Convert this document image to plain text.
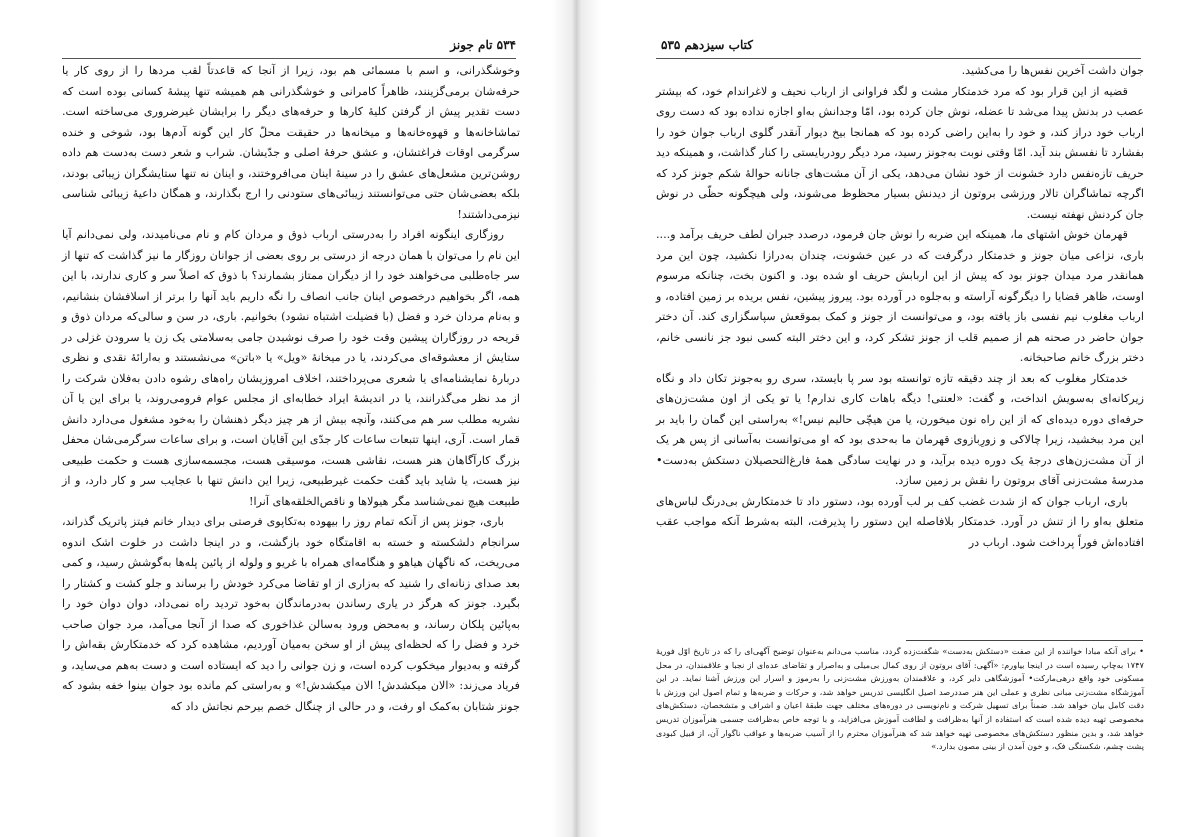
۵۳۴ تام جونز

وخوشگذرانی، و اسم با مسمائی هم بود، زیرا از آنجا که قاعدتاً لقب مردها را از روی کار یا حرفه‌شان برمی‌گزینند، ظاهراً کامرانی و خوشگذرانی هم همیشه تنها پیشهٔ کسانی بوده است که دست تقدیر پیش از گرفتن کلیهٔ کارها و حرفه‌های دیگر را برایشان غیرضروری می‌ساخته است. تماشاخانه‌ها و قهوه‌خانه‌ها و میخانه‌ها در حقیقت محلّ کار این گونه آدم‌ها بود، شوخی و خنده سرگرمی اوقات فراغتشان، و عشق حرفهٔ اصلی و جدّیشان. شراب و شعر دست به‌دست هم داده روشن‌ترین مشعل‌های عشق را در سینهٔ اینان می‌افروختند، و اینان نه تنها ستایشگران زیبائی بودند، بلکه بعضی‌شان حتی می‌توانستند زیبائی‌های ستودنی را ارج بگذارند، و همگان داعیهٔ زیبائی شناسی نیزمی‌داشتند!

روزگاری اینگونه افراد را به‌درستی ارباب ذوق و مردان کام و نام می‌نامیدند، ولی نمی‌دانم آیا این نام را می‌توان با همان درجه از درستی بر روی بعضی از جوانان روزگار ما نیز گذاشت که تنها از سر جاه‌طلبی می‌خواهند خود را از دیگران ممتاز بشمارند؟ با ذوق که اصلاً سر و کاری ندارند، با این همه، اگر بخواهیم درخصوص اینان جانب انصاف را نگه داریم باید آنها را برتر از اسلافشان بنشانیم، و به‌نام مردان خرد و فضل (با فضیلت اشتباه نشود) بخوانیم. باری، در سن و سالی‌که مردان ذوق و قریحه در روزگاران پیشین وقت خود را صرف نوشیدن جامی به‌سلامتی یک زن یا سرودن غزلی در ستایش از معشوقه‌ای می‌کردند، یا در میخانهٔ «ویل» یا «باتن» می‌نشستند و به‌ارائهٔ نقدی و نظری دربارهٔ نمایشنامه‌ای یا شعری می‌پرداختند، اخلاف امروزیشان راه‌های رشوه دادن به‌فلان شرکت را از مد نظر می‌گذرانند، یا در اندیشهٔ ایراد خطابه‌ای از مجلس عوام فرومی‌روند، یا برای این یا آن نشریه مطلب سر هم می‌کنند، وآنچه بیش از هر چیز دیگر ذهنشان را به‌خود مشغول می‌دارد دانش قمار است. آری، اینها تتبعات ساعات کار جدّی این آقایان است، و برای ساعات سرگرمی‌شان محفل بزرگ کارآگاهان هنر هست، نقاشی هست، موسیقی هست، مجسمه‌سازی هست و حکمت طبیعی نیز هست، یا شاید باید گفت حکمت غیرطبیعی، زیرا این دانش تنها با عجایب سر و کار دارد، و از طبیعت هیچ نمی‌شناسد مگر هیولاها و ناقص‌الخلقه‌های آنرا!

باری، جونز پس از آنکه تمام روز را بیهوده به‌تکاپوی فرصتی برای دیدار خانم فیتز پاتریک گذراند، سرانجام دلشکسته و خسته به اقامتگاه خود بازگشت، و در اینجا داشت در خلوت اشک اندوه می‌ریخت، که ناگهان هیاهو و هنگامه‌ای همراه با غریو و ولوله از پائین پله‌ها به‌گوشش رسید، و کمی بعد صدای زنانه‌ای را شنید که به‌زاری از او تقاضا می‌کرد خودش را برساند و جلو کشت و کشتار را بگیرد. جونز که هرگز در یاری رساندن به‌درماندگان به‌خود تردید راه نمی‌داد، دوان دوان خود را به‌پائین پلکان رساند، و به‌محض ورود به‌سالن غذاخوری که صدا از آنجا می‌آمد، مرد جوان صاحب خرد و فضل را که لحظه‌ای پیش از او سخن به‌میان آوردیم، مشاهده کرد که خدمتکارش بقه‌اش را گرفته و به‌دیوار میخکوب کرده است، و زن جوانی را دید که ایستاده است و دست به‌هم می‌ساید، و فریاد می‌زند: «الان میکشدش! الان میکشدش!» و به‌راستی کم مانده بود جوان بینوا خفه بشود که جونز شتابان به‌کمک او رفت، و در حالی از چنگال خصم بیرحم نجاتش داد که

کتاب سیزدهم ۵۳۵

جوان داشت آخرین نفس‌ها را می‌کشید.

قضیه از این قرار بود که مرد خدمتکار مشت و لگد فراوانی از ارباب نحیف و لاغراندام خود، که بیشتر عصب در بدنش پیدا می‌شد تا عضله، نوش جان کرده بود، امّا وجدانش به‌او اجازه نداده بود که دست روی ارباب خود دراز کند، و خود را به‌این راضی کرده بود که همانجا بیخ دیوار آنقدر گلوی ارباب جوان خود را بفشارد تا نفسش بند آید. امّا وقتی نوبت به‌جونز رسید، مرد دیگر رودربایستی را کنار گذاشت، و همینکه دید حریف تازه‌نفس دارد خشونت از خود نشان می‌دهد، یکی از آن مشت‌های جانانه حوالهٔ شکم جونز کرد که اگرچه تماشاگران تالار ورزشی بروتون از دیدنش بسیار محظوظ می‌شوند، ولی هیچگونه حظّی در نوش جان کردنش نهفته نیست.

قهرمان خوش اشتهای ما، همینکه این ضربه را نوش جان فرمود، درصدد جبران لطف حریف برآمد و.... باری، نزاعی میان جونز و خدمتکار درگرفت که در عین خشونت، چندان به‌درازا نکشید، چون این مرد همانقدر مرد میدان جونز بود که پیش از این اربابش حریف او شده بود. و اکنون بخت، چنانکه مرسوم اوست، ظاهر قضایا را دیگرگونه آراسته و به‌جلوه در آورده بود. پیروز پیشین، نفس بریده بر زمین افتاده، و ارباب مغلوب نیم نفسی باز یافته بود، و می‌توانست از جونز و کمک بموقعش سپاسگزاری کند. آن دختر جوان حاضر در صحنه هم از صمیم قلب از جونز تشکر کرد، و این دختر البته کسی نبود جز نانسی خانم، دختر بزرگ خانم صاحبخانه.

خدمتکار مغلوب که بعد از چند دقیقه تازه توانسته بود سر پا بایستد، سری رو به‌جونز تکان داد و نگاه زیرکانه‌ای به‌سویش انداخت، و گفت: «لعنتی! دیگه باهات کاری ندارم! یا تو یکی از اون مشت‌زن‌های حرفه‌ای دوره دیده‌ای که از این راه نون میخورن، یا من هیچّی حالیم نیس!» به‌راستی این گمان را باید بر این مرد ببخشید، زیرا چالاکی و زورِبازوی قهرمان ما به‌حدی بود که او می‌توانست به‌آسانی از پس هر یک از آن مشت‌زن‌های درجهٔ یک دوره دیده برآید، و در نهایت سادگی همهٔ فارغ‌التحصیلان دستکش به‌دست• مدرسهٔ مشت‌زنی آقای بروتون را نقش بر زمین سازد.

باری، ارباب جوان که از شدت غضب کف بر لب آورده بود، دستور داد تا خدمتکارش بی‌درنگ لباس‌های متعلق به‌او را از تنش در آورد. خدمتکار بلافاصله این دستور را پذیرفت، البته به‌شرط آنکه مواجب عقب افتاده‌اش فوراً پرداخت شود. ارباب در

• برای آنکه مبادا خواننده از این صفت «دستکش به‌دست» شگفت‌زده گردد، مناسب می‌دانم به‌عنوان توضیح آگهی‌ای را که در تاریخ اوّل فوریهٔ ۱۷۴۷ به‌چاپ رسیده است در اینجا بیاورم: «آگهی: آقای بروتون از روی کمال بی‌میلی و به‌اصرار و تقاضای عده‌ای از نجبا و علاقمندان، در محل مسکونی خود واقع درهی‌مارکت• آموزشگاهی دایر کرد، و علاقمندان به‌ورزش مشت‌زنی را به‌رموز و اسرار این ورزش آشنا نماید. در این آموزشگاه مشت‌زنی مبانی نظری و عملی این هنر صددرصد اصیل انگلیسی تدریس خواهد شد، و حرکات و ضربه‌ها و تمام اصول این ورزش با دقت کامل بیان خواهد شد. ضمناً برای تسهیل شرکت و نام‌نویسی در دوره‌های مختلف جهت طبقهٔ اعیان و اشراف و متشخصان، دستکش‌های مخصوصی تهیه دیده شده است که استفاده از آنها به‌ظرافت و لطافت آموزش می‌افزاید، و با توجه خاص به‌ظرافت جسمی هنرآموزان تدریس خواهد شد، و بدین منظور دستکش‌های مخصوصی تهیه خواهد شد که هنرآموزان محترم را از آسیب ضربه‌ها و عواقب ناگوار آن، از قبیل کبودی پشت چشم، شکستگی فک، و خون آمدن از بینی مصون بدارد.»
